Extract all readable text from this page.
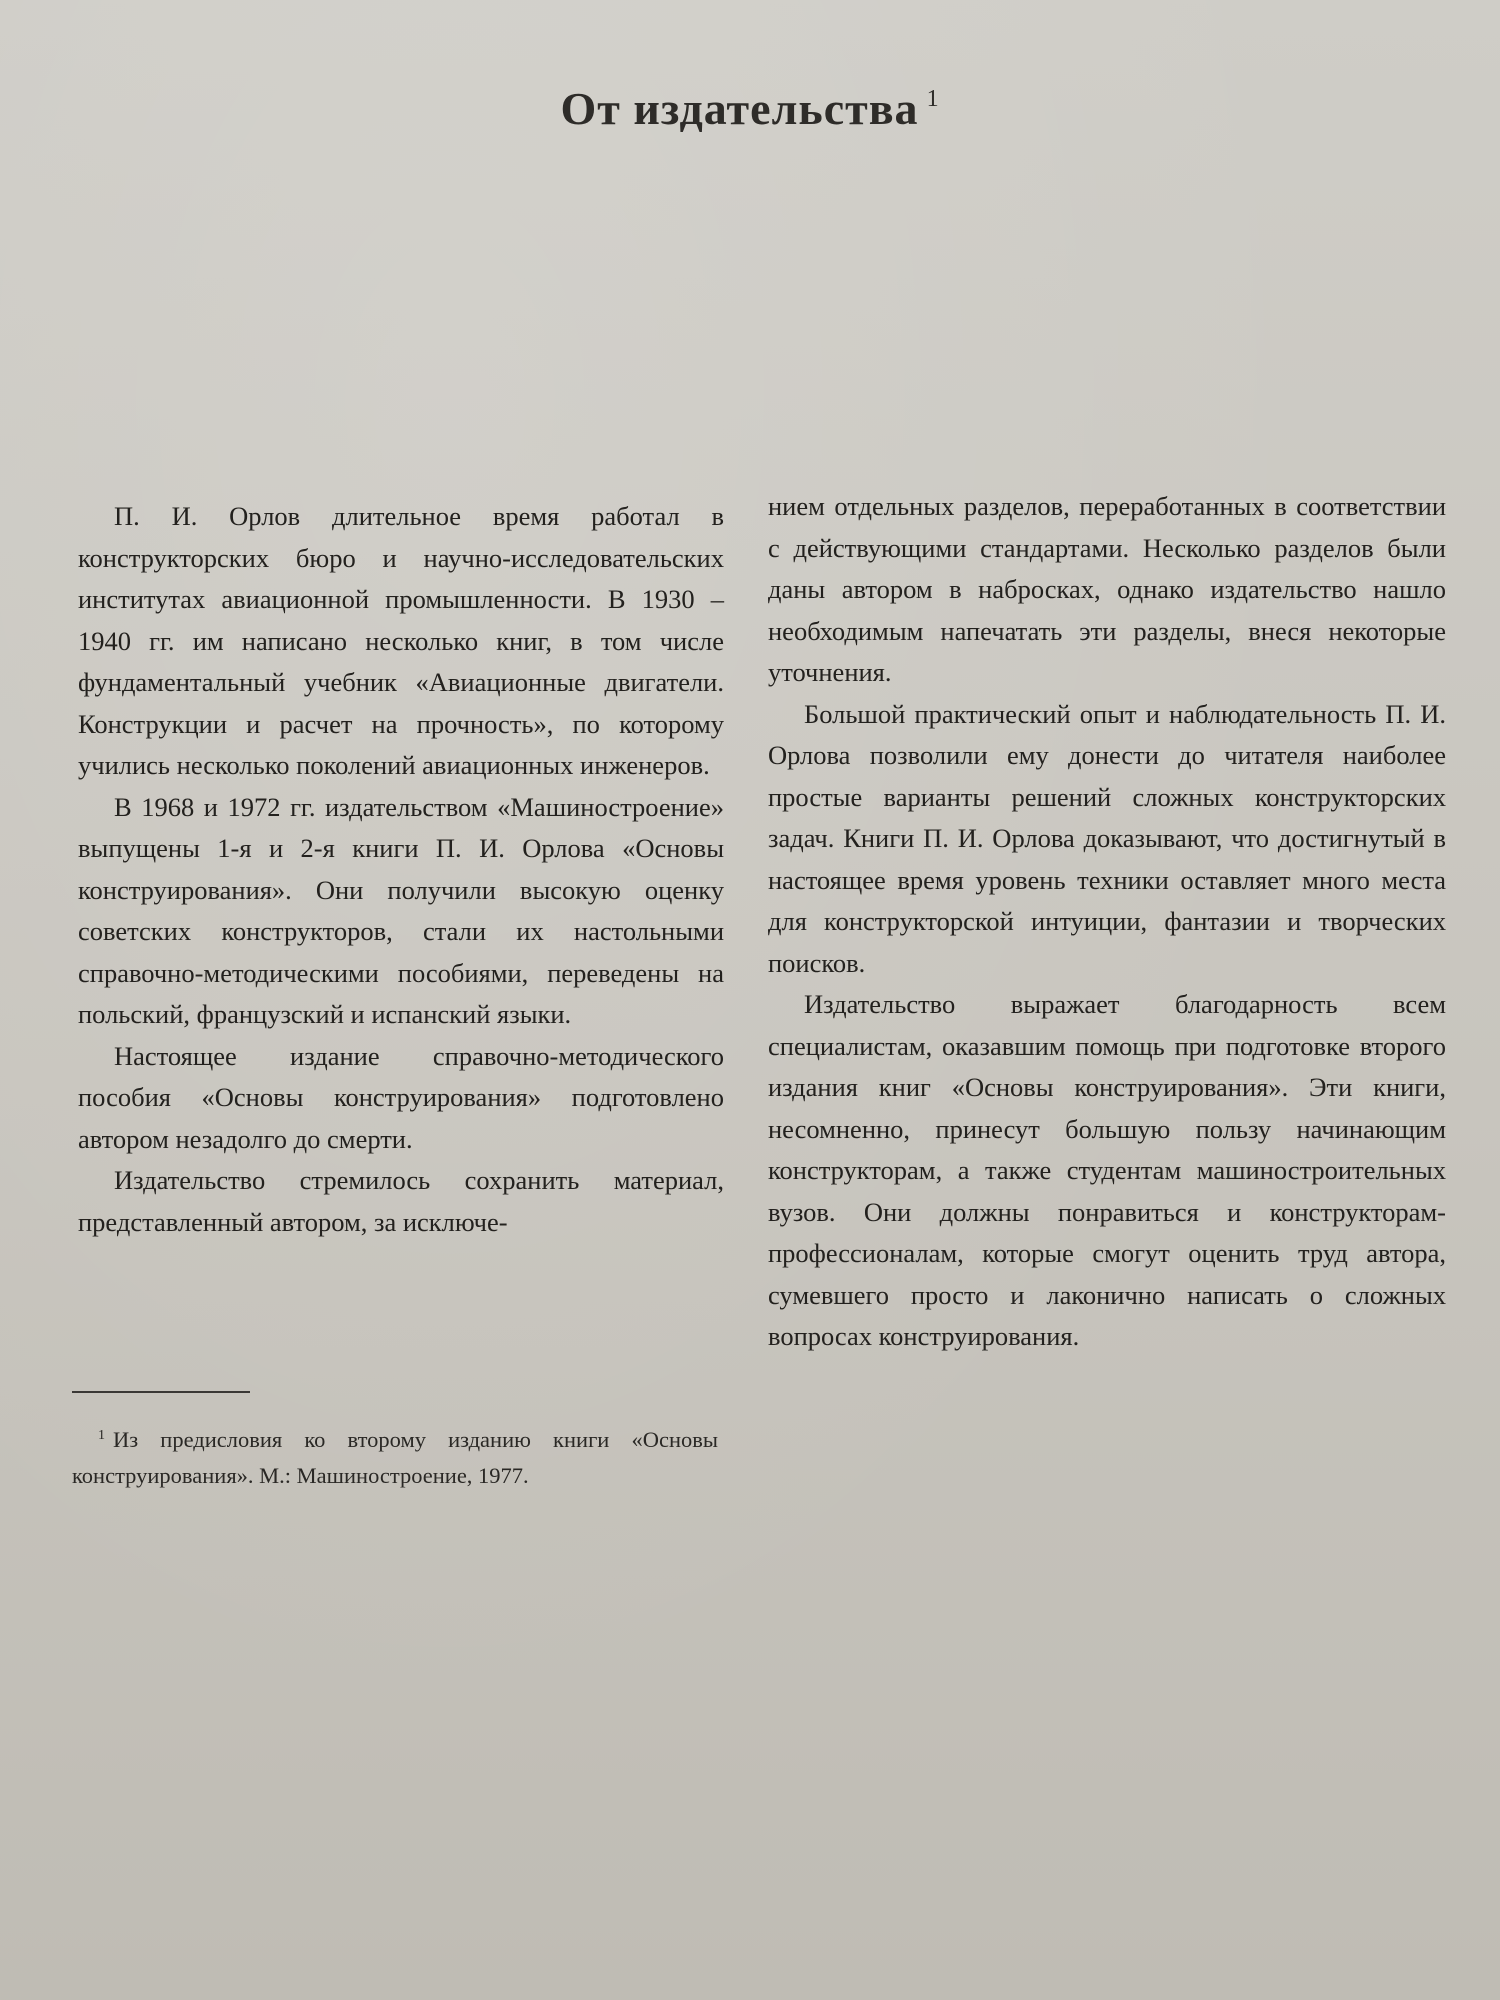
От издательства $^1$

П. И. Орлов длительное время работал в конструкторских бюро и научно-исследовательских институтах авиационной промышленности. В 1930 – 1940 гг. им написано несколько книг, в том числе фундаментальный учебник «Авиационные двигатели. Конструкции и расчет на прочность», по которому учились несколько поколений авиационных инженеров.

В 1968 и 1972 гг. издательством «Машиностроение» выпущены 1-я и 2-я книги П. И. Орлова «Основы конструирования». Они получили высокую оценку советских конструкторов, стали их настольными справочно-методическими пособиями, переведены на польский, французский и испанский языки.

Настоящее издание справочно-методического пособия «Основы конструирования» подготовлено автором незадолго до смерти.

Издательство стремилось сохранить материал, представленный автором, за исключе-

$^1$ Из предисловия ко второму изданию книги «Основы конструирования». М.: Машиностроение, 1977.

нием отдельных разделов, переработанных в соответствии с действующими стандартами. Несколько разделов были даны автором в набросках, однако издательство нашло необходимым напечатать эти разделы, внеся некоторые уточнения.

Большой практический опыт и наблюдательность П. И. Орлова позволили ему донести до читателя наиболее простые варианты решений сложных конструкторских задач. Книги П. И. Орлова доказывают, что достигнутый в настоящее время уровень техники оставляет много места для конструкторской интуиции, фантазии и творческих поисков.

Издательство выражает благодарность всем специалистам, оказавшим помощь при подготовке второго издания книг «Основы конструирования». Эти книги, несомненно, принесут большую пользу начинающим конструкторам, а также студентам машиностроительных вузов. Они должны понравиться и конструкторам-профессионалам, которые смогут оценить труд автора, сумевшего просто и лаконично написать о сложных вопросах конструирования.
